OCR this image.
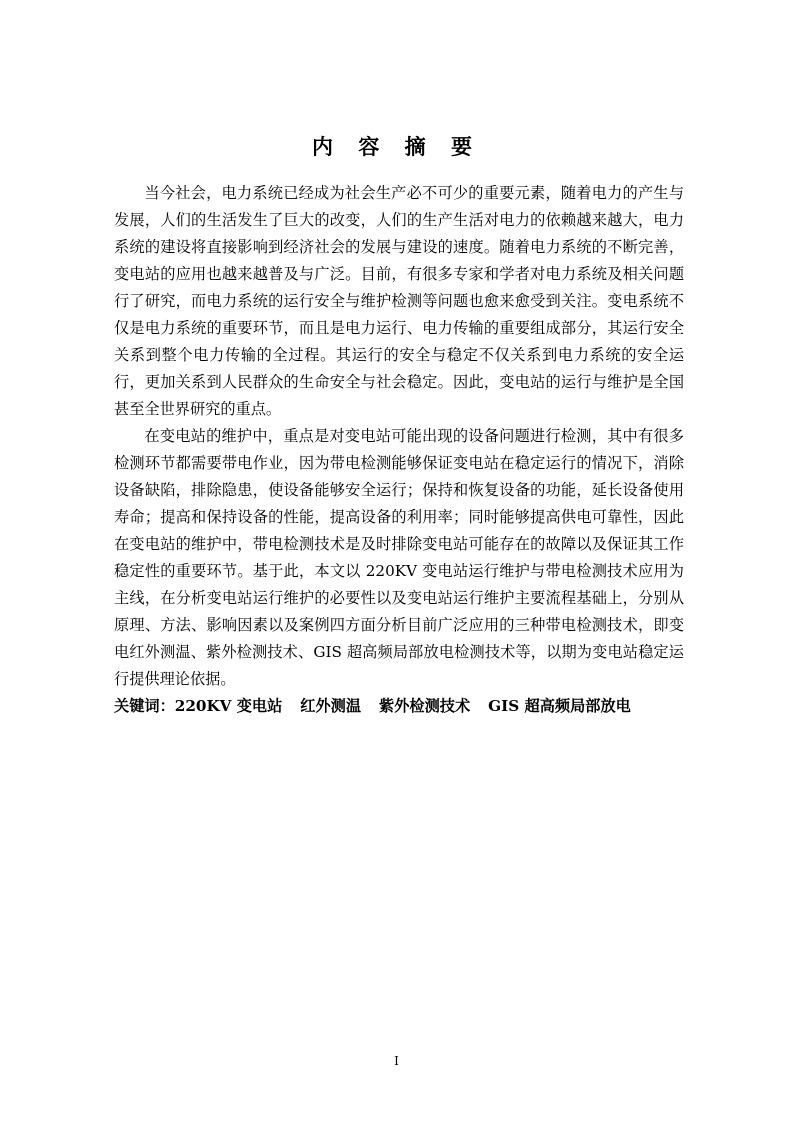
内 容 摘 要

当今社会，电力系统已经成为社会生产必不可少的重要元素，随着电力的产生与发展，人们的生活发生了巨大的改变，人们的生产生活对电力的依赖越来越大，电力系统的建设将直接影响到经济社会的发展与建设的速度。随着电力系统的不断完善，变电站的应用也越来越普及与广泛。目前，有很多专家和学者对电力系统及相关问题行了研究，而电力系统的运行安全与维护检测等问题也愈来愈受到关注。变电系统不仅是电力系统的重要环节，而且是电力运行、电力传输的重要组成部分，其运行安全关系到整个电力传输的全过程。其运行的安全与稳定不仅关系到电力系统的安全运行，更加关系到人民群众的生命安全与社会稳定。因此，变电站的运行与维护是全国甚至全世界研究的重点。

在变电站的维护中，重点是对变电站可能出现的设备问题进行检测，其中有很多检测环节都需要带电作业，因为带电检测能够保证变电站在稳定运行的情况下，消除设备缺陷，排除隐患，使设备能够安全运行；保持和恢复设备的功能，延长设备使用寿命；提高和保持设备的性能，提高设备的利用率；同时能够提高供电可靠性，因此在变电站的维护中，带电检测技术是及时排除变电站可能存在的故障以及保证其工作稳定性的重要环节。基于此，本文以 220KV 变电站运行维护与带电检测技术应用为主线，在分析变电站运行维护的必要性以及变电站运行维护主要流程基础上，分别从原理、方法、影响因素以及案例四方面分析目前广泛应用的三种带电检测技术，即变电红外测温、紫外检测技术、GIS 超高频局部放电检测技术等，以期为变电站稳定运行提供理论依据。

关键词：220KV 变电站 红外测温 紫外检测技术 GIS 超高频局部放电

I
